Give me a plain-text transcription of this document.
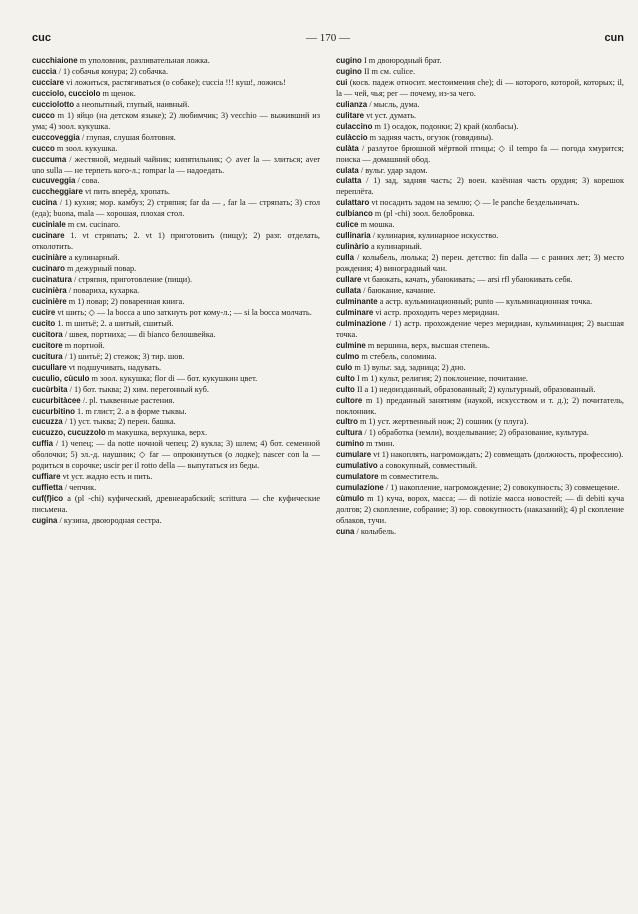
cuc	— 170 —	cun

cucchiaione m уполовник, разливательная ложка.

cuccia / 1) собачья конура; 2) собачка.

cucciare vi ложиться, растягиваться (о собаке); cuccia !!! куш!, ложись!

cucciolo, cucciolo m щенок.

cucciolotto a неопытный, глупый, наивный.

cucco m 1) яйцо (на детском языке); 2) любимчик; 3) vecchio — выживший из ума; 4) зоол. кукушка.

cuccoveggia / глупая, слушая болтовня.

cucco m зоол. кукушка.

cuccuma / жестяной, медный чайник; кипятильник; ◇ aver la — злиться; aver uno sulla — не терпеть кого-л.; rompar la — надоедать.

cucuveggia / сова.

cuccheggiare vt пить вперёд, хропать.

cucina / 1) кухня; мор. камбуз; 2) стряпня; far da — , far la — стряпать; 3) стол (еда); buona, mala — хорошая, плохая стол.

cuciniale m см. cucinaro.

cucinare 1. vt стряпать; 2. vt 1) приготовить (пищу); 2) разг. отделать, отколотить.

cuciniàre a кулинарный.

cucinaro m дежурный повар.

cucinatura / стряпня, приготовление (пищи).

cucinièra / повариха, кухарка.

cucinière m 1) повар; 2) поваренная книга.

cucire vt шить; ◇ — la bocca a uno заткнуть рот кому-л.; — si la bocca молчать.

cucito 1. m шитьё; 2. a шитый, сшитый.

cucitora / швея, портниха; — di bianco белошвейка.

cucitore m портной.

cucitura / 1) шитьё; 2) стежок; 3) тир. шов.

cucullare vt подшучивать, надувать.

cuculio, cùculo m зоол. кукушка; flor di — бот. кукушкин цвет.

cucùrbita / 1) бот. тыква; 2) хим. перегонный куб.

cucurbitàcee /. pl. тыквенные растения.

cucurbitino 1. m глист; 2. a в форме тыквы.

cucuzza / 1) уст. тыква; 2) перен. башка.

cucuzzo, cucuzzolo m макушка, верхушка, верх.

cuffia / 1) чепец; — da notte ночной чепец; 2) кукла; 3) шлем; 4) бот. семенной оболочки; 5) эл.-д. наушник; ◇ far — опрокинуться (о лодке); nascer con la — родиться в сорочке; uscir per il rotto della — выпутаться из беды.

cuffiare vt уст. жадно есть и пить.

cuffietta / чепчик.

cuf(f)ico a (pl -chi) куфический, древнеарабский; scrittura — che куфические письмена.

cugina / кузина, двоюродная сестра.

cugino I m двоюродный брат.

cugino II m см. culice.

cui (косв. падеж относит. местоимения che); di — которого, которой, которых; il, la — чей, чья; per — почему, из-за чего.

culianza / мысль, дума.

culitare vt уст. думать.

culaccino m 1) осадок, подонки; 2) край (колбасы).

culàccio m задняя часть, огузок (говядины).

culàta / разлутое брюшной мёртвой птицы; ◇ il tempo fa — погода хмурится; поиска — домашний обод.

culata / вульг. удар задом.

culatta / 1) зад, задняя часть; 2) воен. казённая часть орудия; 3) корешок переплёта.

culattaro vt посадить задом на землю; ◇ — le panche бездельничать.

culbianco m (pl -chi) зоол. белобровка.

culice m мошка.

cullinaria / кулинария, кулинарное искусство.

culinàrio a кулинарный.

culla / колыбель, люлька; 2) перен. детство: fin dalla — с ранних лет; 3) место рождения; 4) виноградный чан.

cullare vt баюкать, качать, убаюкивать; — arsi rfl убаюкивать себя.

cullata / баюкание, качание.

culminante a астр. кульминационный; punto — кульминационная точка.

culminare vi астр. проходить через меридиан.

culminazione / 1) астр. прохождение через меридиан, кульминация; 2) высшая точка.

culmine m вершина, верх, высшая степень.

culmo m стебель, соломина.

culo m 1) вульг. зад, задница; 2) дно.

culto I m 1) культ, религия; 2) поклонение, почитание.

culto II a 1) недоизданный, образованный; 2) культурный, образованный.

cultore m 1) преданный занятиям (наукой, искусством и т. д.); 2) почитатель, поклонник.

cultro m 1) уст. жертвенный нож; 2) сошник (у плуга).

cultura / 1) обработка (земли), возделывание; 2) образование, культура.

cumino m тмин.

cumulare vt 1) накоплять, нагромождать; 2) совмещать (должность, профессию).

cumulativo a совокупный, совместный.

cumulatore m совместитель.

cumulazione / 1) накопление, нагромождение; 2) совокупность; 3) совмещение.

cùmulo m 1) куча, ворох, масса; — di notizie масса новостей; — di debiti куча долгов; 2) скопление, собрание; 3) юр. совокупность (наказаний); 4) pl скопление облаков, тучи.

cuna / колыбель.
